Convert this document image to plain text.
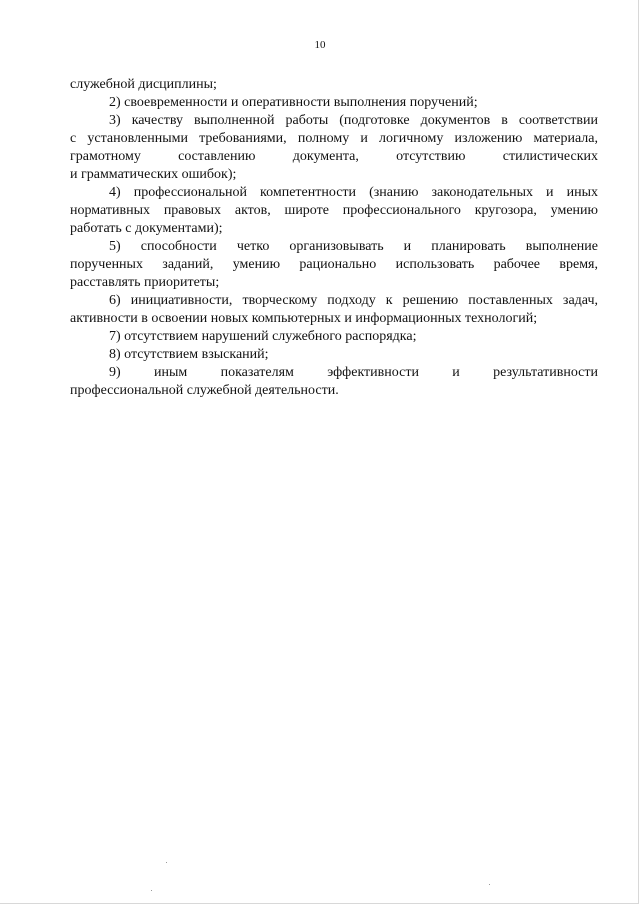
10
служебной дисциплины;
2) своевременности и оперативности выполнения поручений;
3) качеству выполненной работы (подготовке документов в соответствии
с установленными требованиями, полному и логичному изложению материала,
грамотному составлению документа, отсутствию стилистических
и грамматических ошибок);
4) профессиональной компетентности (знанию законодательных и иных
нормативных правовых актов, широте профессионального кругозора, умению
работать с документами);
5) способности четко организовывать и планировать выполнение
порученных заданий, умению рационально использовать рабочее время,
расставлять приоритеты;
6) инициативности, творческому подходу к решению поставленных задач,
активности в освоении новых компьютерных и информационных технологий;
7) отсутствием нарушений служебного распорядка;
8) отсутствием взысканий;
9) иным показателям эффективности и результативности
профессиональной служебной деятельности.
